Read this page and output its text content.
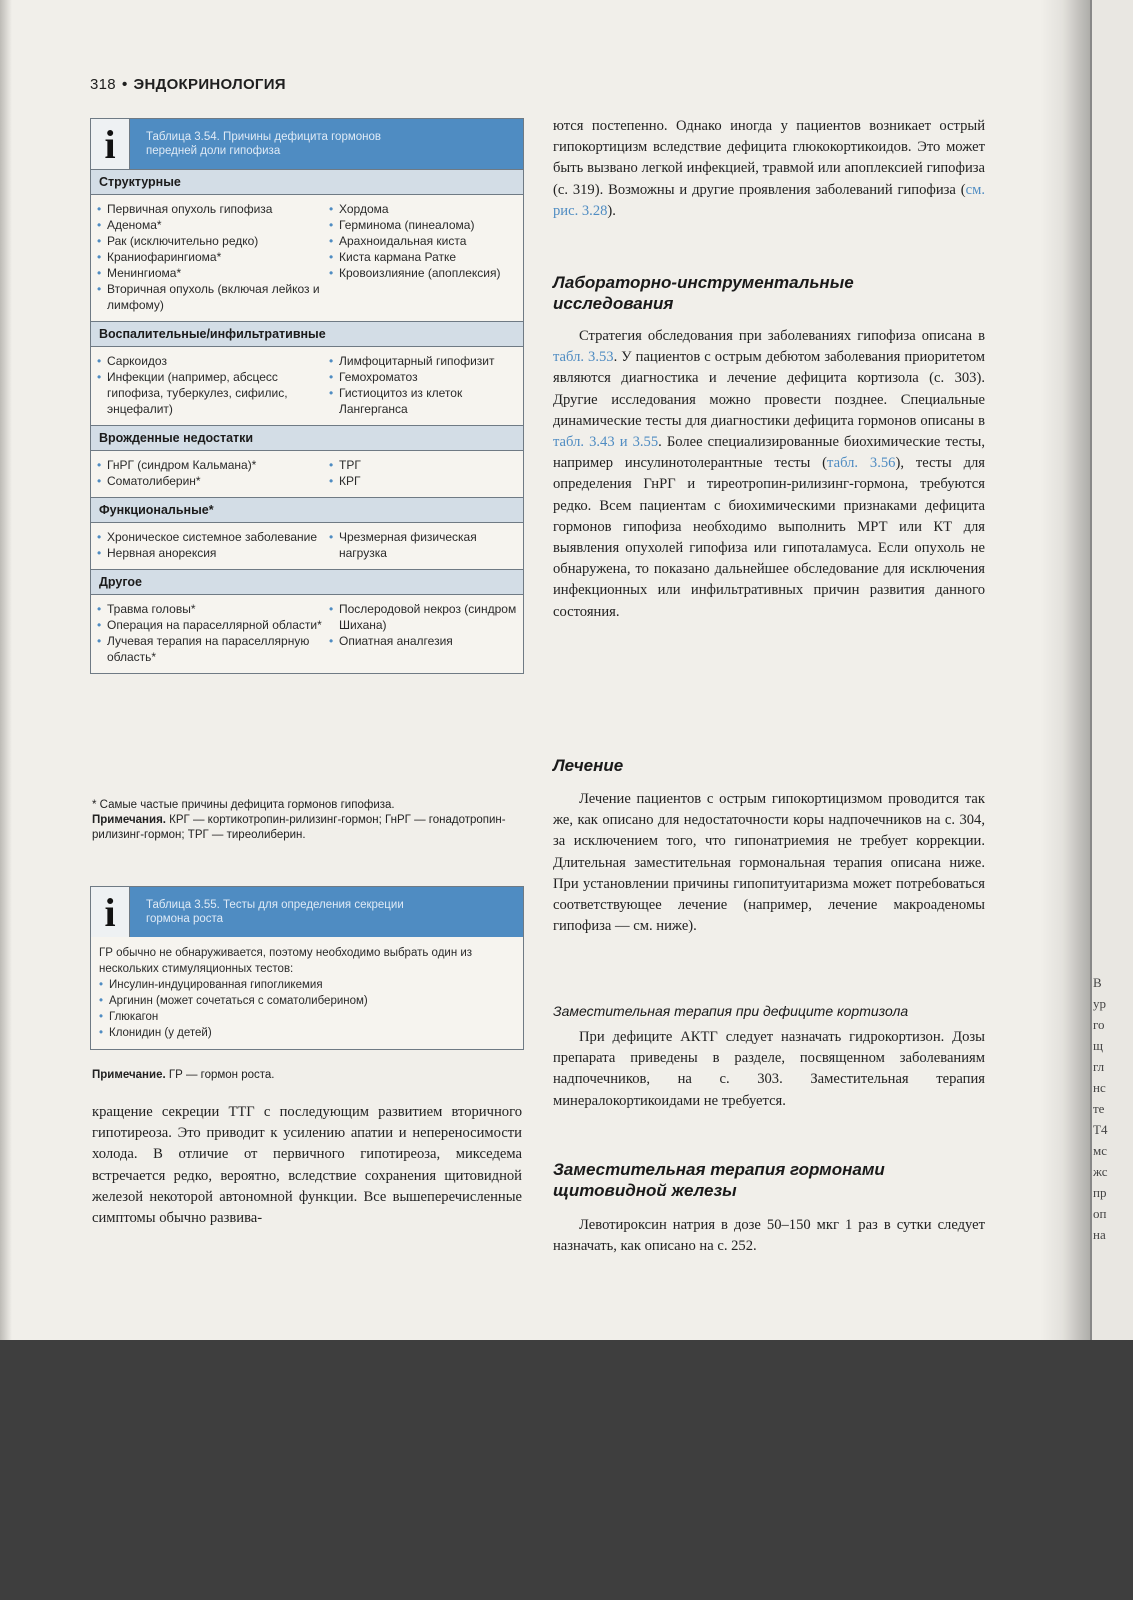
318 • ЭНДОКРИНОЛОГИЯ
i	Таблица 3.54. Причины дефицита гормонов
передней доли гипофиза
Структурные
• Первичная опухоль гипофиза
• Аденома*
• Рак (исключительно редко)
• Краниофарингиома*
• Менингиома*
• Вторичная опухоль (включая лейкоз и лимфому)
• Хордома
• Герминома (пинеалома)
• Арахноидальная киста
• Киста кармана Ратке
• Кровоизлияние (апоплексия)
Воспалительные/инфильтративные
• Саркоидоз
• Инфекции (например, абсцесс гипофиза, туберкулез, сифилис, энцефалит)
• Лимфоцитарный гипофизит
• Гемохроматоз
• Гистиоцитоз из клеток Лангерганса
Врожденные недостатки
• ГнРГ (синдром Кальмана)*
• Соматолиберин*
• ТРГ
• КРГ
Функциональные*
• Хроническое системное заболевание
• Нервная анорексия
• Чрезмерная физическая нагрузка
Другое
• Травма головы*
• Операция на параселлярной области*
• Лучевая терапия на параселлярную область*
• Послеродовой некроз (синдром Шихана)
• Опиатная аналгезия
* Самые частые причины дефицита гормонов гипофиза.
Примечания. КРГ — кортикотропин-рилизинг-гормон; ГнРГ — гонадотропин-рилизинг-гормон; ТРГ — тиреолиберин.
i	Таблица 3.55. Тесты для определения секреции
гормона роста
ГР обычно не обнаруживается, поэтому необходимо выбрать один из нескольких стимуляционных тестов:
• Инсулин-индуцированная гипогликемия
• Аргинин (может сочетаться с соматолиберином)
• Глюкагон
• Клонидин (у детей)
Примечание. ГР — гормон роста.

кращение секреции ТТГ с последующим развитием вторичного гипотиреоза. Это приводит к усилению апатии и непереносимости холода. В отличие от первичного гипотиреоза, микседема встречается редко, вероятно, вследствие сохранения щитовидной железой некоторой автономной функции. Все вышеперечисленные симптомы обычно развива-

ются постепенно. Однако иногда у пациентов возникает острый гипокортицизм вследствие дефицита глюкокортикоидов. Это может быть вызвано легкой инфекцией, травмой или апоплексией гипофиза (с. 319). Возможны и другие проявления заболеваний гипофиза (см. рис. 3.28).

Лабораторно-инструментальные
исследования

Стратегия обследования при заболеваниях гипофиза описана в табл. 3.53. У пациентов с острым дебютом заболевания приоритетом являются диагностика и лечение дефицита кортизола (с. 303). Другие исследования можно провести позднее. Специальные динамические тесты для диагностики дефицита гормонов описаны в табл. 3.43 и 3.55. Более специализированные биохимические тесты, например инсулинотолерантные тесты (табл. 3.56), тесты для определения ГнРГ и тиреотропин-рилизинг-гормона, требуются редко. Всем пациентам с биохимическими признаками дефицита гормонов гипофиза необходимо выполнить МРТ или КТ для выявления опухолей гипофиза или гипоталамуса. Если опухоль не обнаружена, то показано дальнейшее обследование для исключения инфекционных или инфильтративных причин развития данного состояния.

Лечение

Лечение пациентов с острым гипокортицизмом проводится так же, как описано для недостаточности коры надпочечников на с. 304, за исключением того, что гипонатриемия не требует коррекции. Длительная заместительная гормональная терапия описана ниже. При установлении причины гипопитуитаризма может потребоваться соответствующее лечение (например, лечение макроаденомы гипофиза — см. ниже).

Заместительная терапия при дефиците кортизола

При дефиците АКТГ следует назначать гидрокортизон. Дозы препарата приведены в разделе, посвященном заболеваниям надпочечников, на с. 303. Заместительная терапия минералокортикоидами не требуется.

Заместительная терапия гормонами
щитовидной железы

Левотироксин натрия в дозе 50–150 мкг 1 раз в сутки следует назначать, как описано на с. 252.

В
ур
го
щ
гл
нс
те
Т4
мс
жс
пр
оп
на
